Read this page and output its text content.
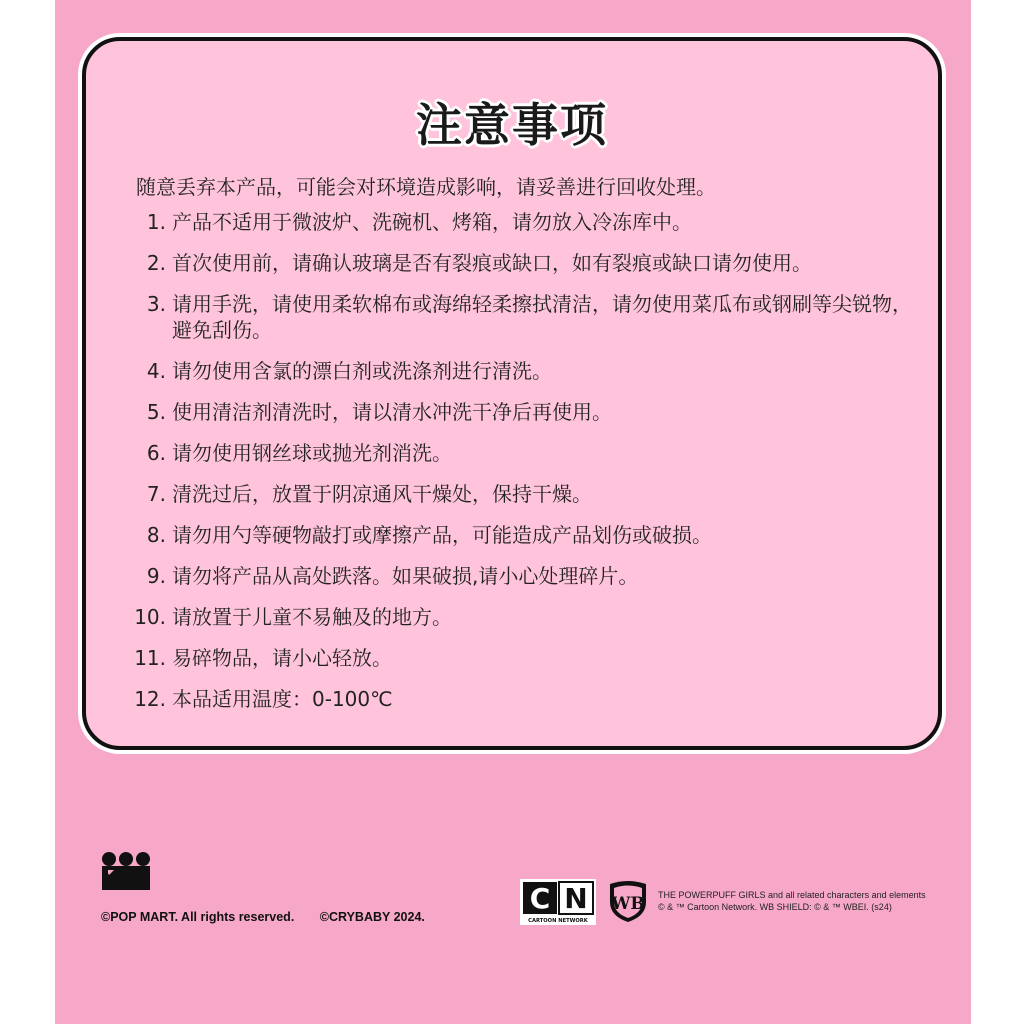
注意事项
随意丢弃本产品，可能会对环境造成影响，请妥善进行回收处理。
1. 产品不适用于微波炉、洗碗机、烤箱，请勿放入冷冻库中。
2. 首次使用前，请确认玻璃是否有裂痕或缺口，如有裂痕或缺口请勿使用。
3. 请用手洗，请使用柔软棉布或海绵轻柔擦拭清洁，请勿使用菜瓜布或钢刷等尖锐物，避免刮伤。
4. 请勿使用含氯的漂白剂或洗涤剂进行清洗。
5. 使用清洁剂清洗时，请以清水冲洗干净后再使用。
6. 请勿使用钢丝球或抛光剂消洗。
7. 清洗过后，放置于阴凉通风干燥处，保持干燥。
8. 请勿用勺等硬物敲打或摩擦产品，可能造成产品划伤或破损。
9. 请勿将产品从高处跌落。如果破损,请小心处理碎片。
10. 请放置于儿童不易触及的地方。
11. 易碎物品，请小心轻放。
12. 本品适用温度：0-100℃
©POP MART. All rights reserved. ©CRYBABY 2024.
C N
CARTOON NETWORK
WB THE POWERPUFF GIRLS and all related characters and elements
© & ™ Cartoon Network. WB SHIELD: © & ™ WBEI. (s24)
